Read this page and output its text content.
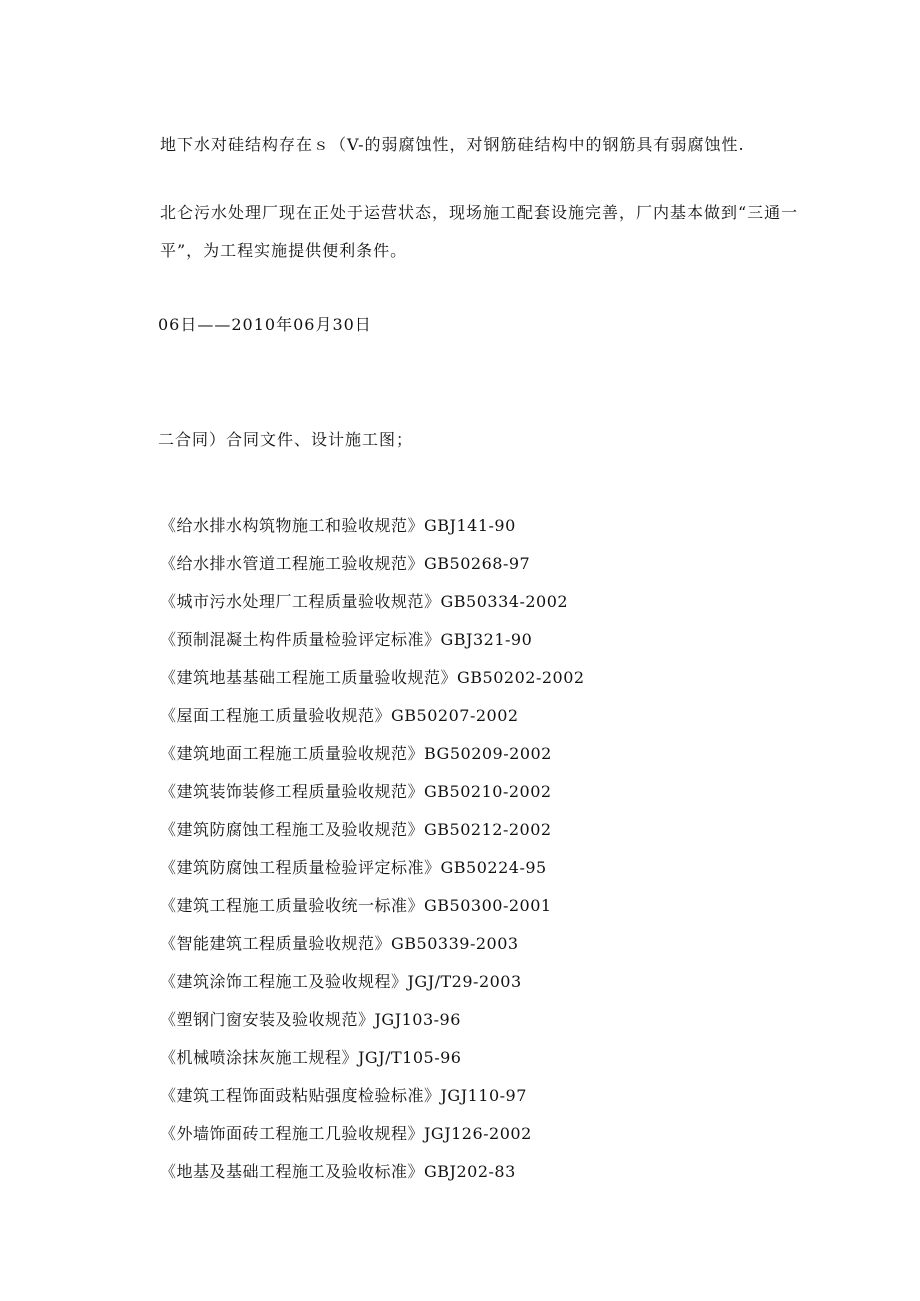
地下水对硅结构存在ｓ（V-的弱腐蚀性，对钢筋硅结构中的钢筋具有弱腐蚀性.

北仑污水处理厂现在正处于运营状态，现场施工配套设施完善，厂内基本做到“三通一平”，为工程实施提供便利条件。

06日——2010年06月30日

二合同）合同文件、设计施工图；

《给水排水构筑物施工和验收规范》GBJ141-90
《给水排水管道工程施工验收规范》GB50268-97
《城市污水处理厂工程质量验收规范》GB50334-2002
《预制混凝土构件质量检验评定标准》GBJ321-90
《建筑地基基础工程施工质量验收规范》GB50202-2002
《屋面工程施工质量验收规范》GB50207-2002
《建筑地面工程施工质量验收规范》BG50209-2002
《建筑装饰装修工程质量验收规范》GB50210-2002
《建筑防腐蚀工程施工及验收规范》GB50212-2002
《建筑防腐蚀工程质量检验评定标准》GB50224-95
《建筑工程施工质量验收统一标准》GB50300-2001
《智能建筑工程质量验收规范》GB50339-2003
《建筑涂饰工程施工及验收规程》JGJ/T29-2003
《塑钢门窗安装及验收规范》JGJ103-96
《机械喷涂抹灰施工规程》JGJ/T105-96
《建筑工程饰面豉粘贴强度检验标准》JGJ110-97
《外墙饰面砖工程施工几验收规程》JGJ126-2002
《地基及基础工程施工及验收标准》GBJ202-83
